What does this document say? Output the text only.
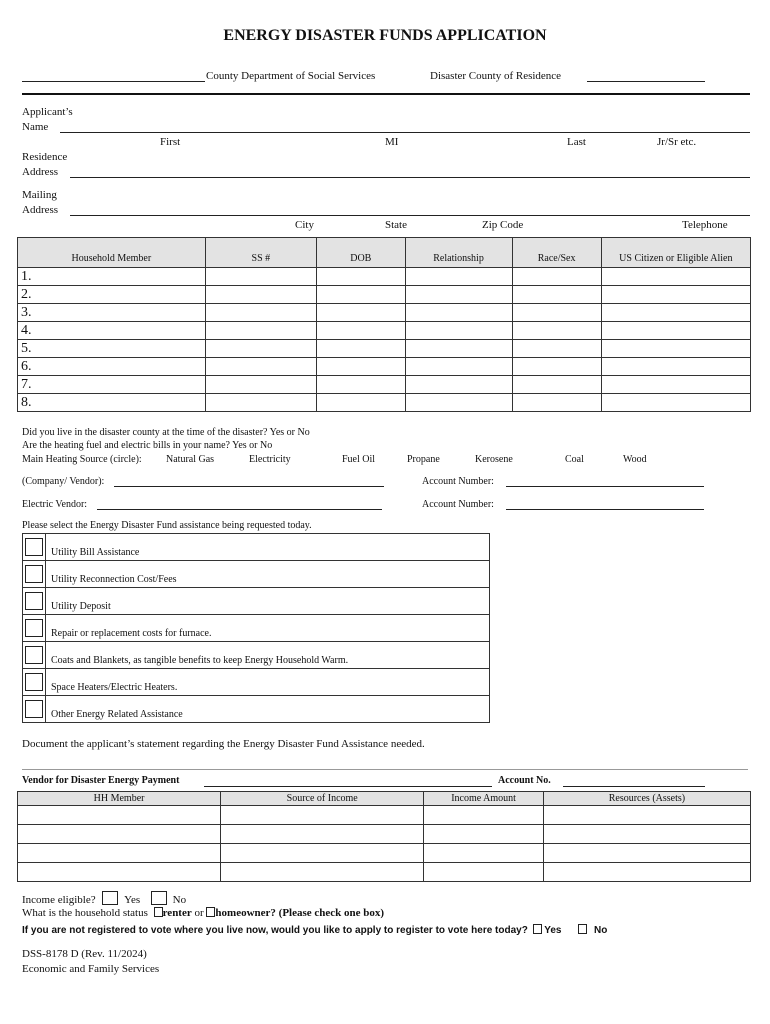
ENERGY DISASTER FUNDS APPLICATION
County Department of Social Services	Disaster County of Residence
Applicant’s
Name
First	MI	Last	Jr/Sr etc.
Residence
Address
Mailing
Address
City	State	Zip Code	Telephone
Household Member	SS #	DOB	Relationship	Race/Sex	US Citizen or Eligible Alien
1.					
2.					
3.					
4.					
5.					
6.					
7.					
8.					
Did you live in the disaster county at the time of the disaster? Yes or No
Are the heating fuel and electric bills in your name? Yes or No
Main Heating Source (circle): Natural Gas	Electricity	Fuel Oil	Propane	Kerosene	Coal	Wood
(Company/ Vendor):	Account Number:
Electric Vendor:	Account Number:
Please select the Energy Disaster Fund assistance being requested today.
	Utility Bill Assistance
	Utility Reconnection Cost/Fees
	Utility Deposit
	Repair or replacement costs for furnace.
	Coats and Blankets, as tangible benefits to keep Energy Household Warm.
	Space Heaters/Electric Heaters.
	Other Energy Related Assistance
Document the applicant’s statement regarding the Energy Disaster Fund Assistance needed.
Vendor for Disaster Energy Payment	Account No.
HH Member	Source of Income	Income Amount	Resources (Assets)

Income eligible?	Yes	No
What is the household status renter or homeowner? (Please check one box)
If you are not registered to vote where you live now, would you like to apply to register to vote here today? Yes	No
DSS-8178 D (Rev. 11/2024)
Economic and Family Services
